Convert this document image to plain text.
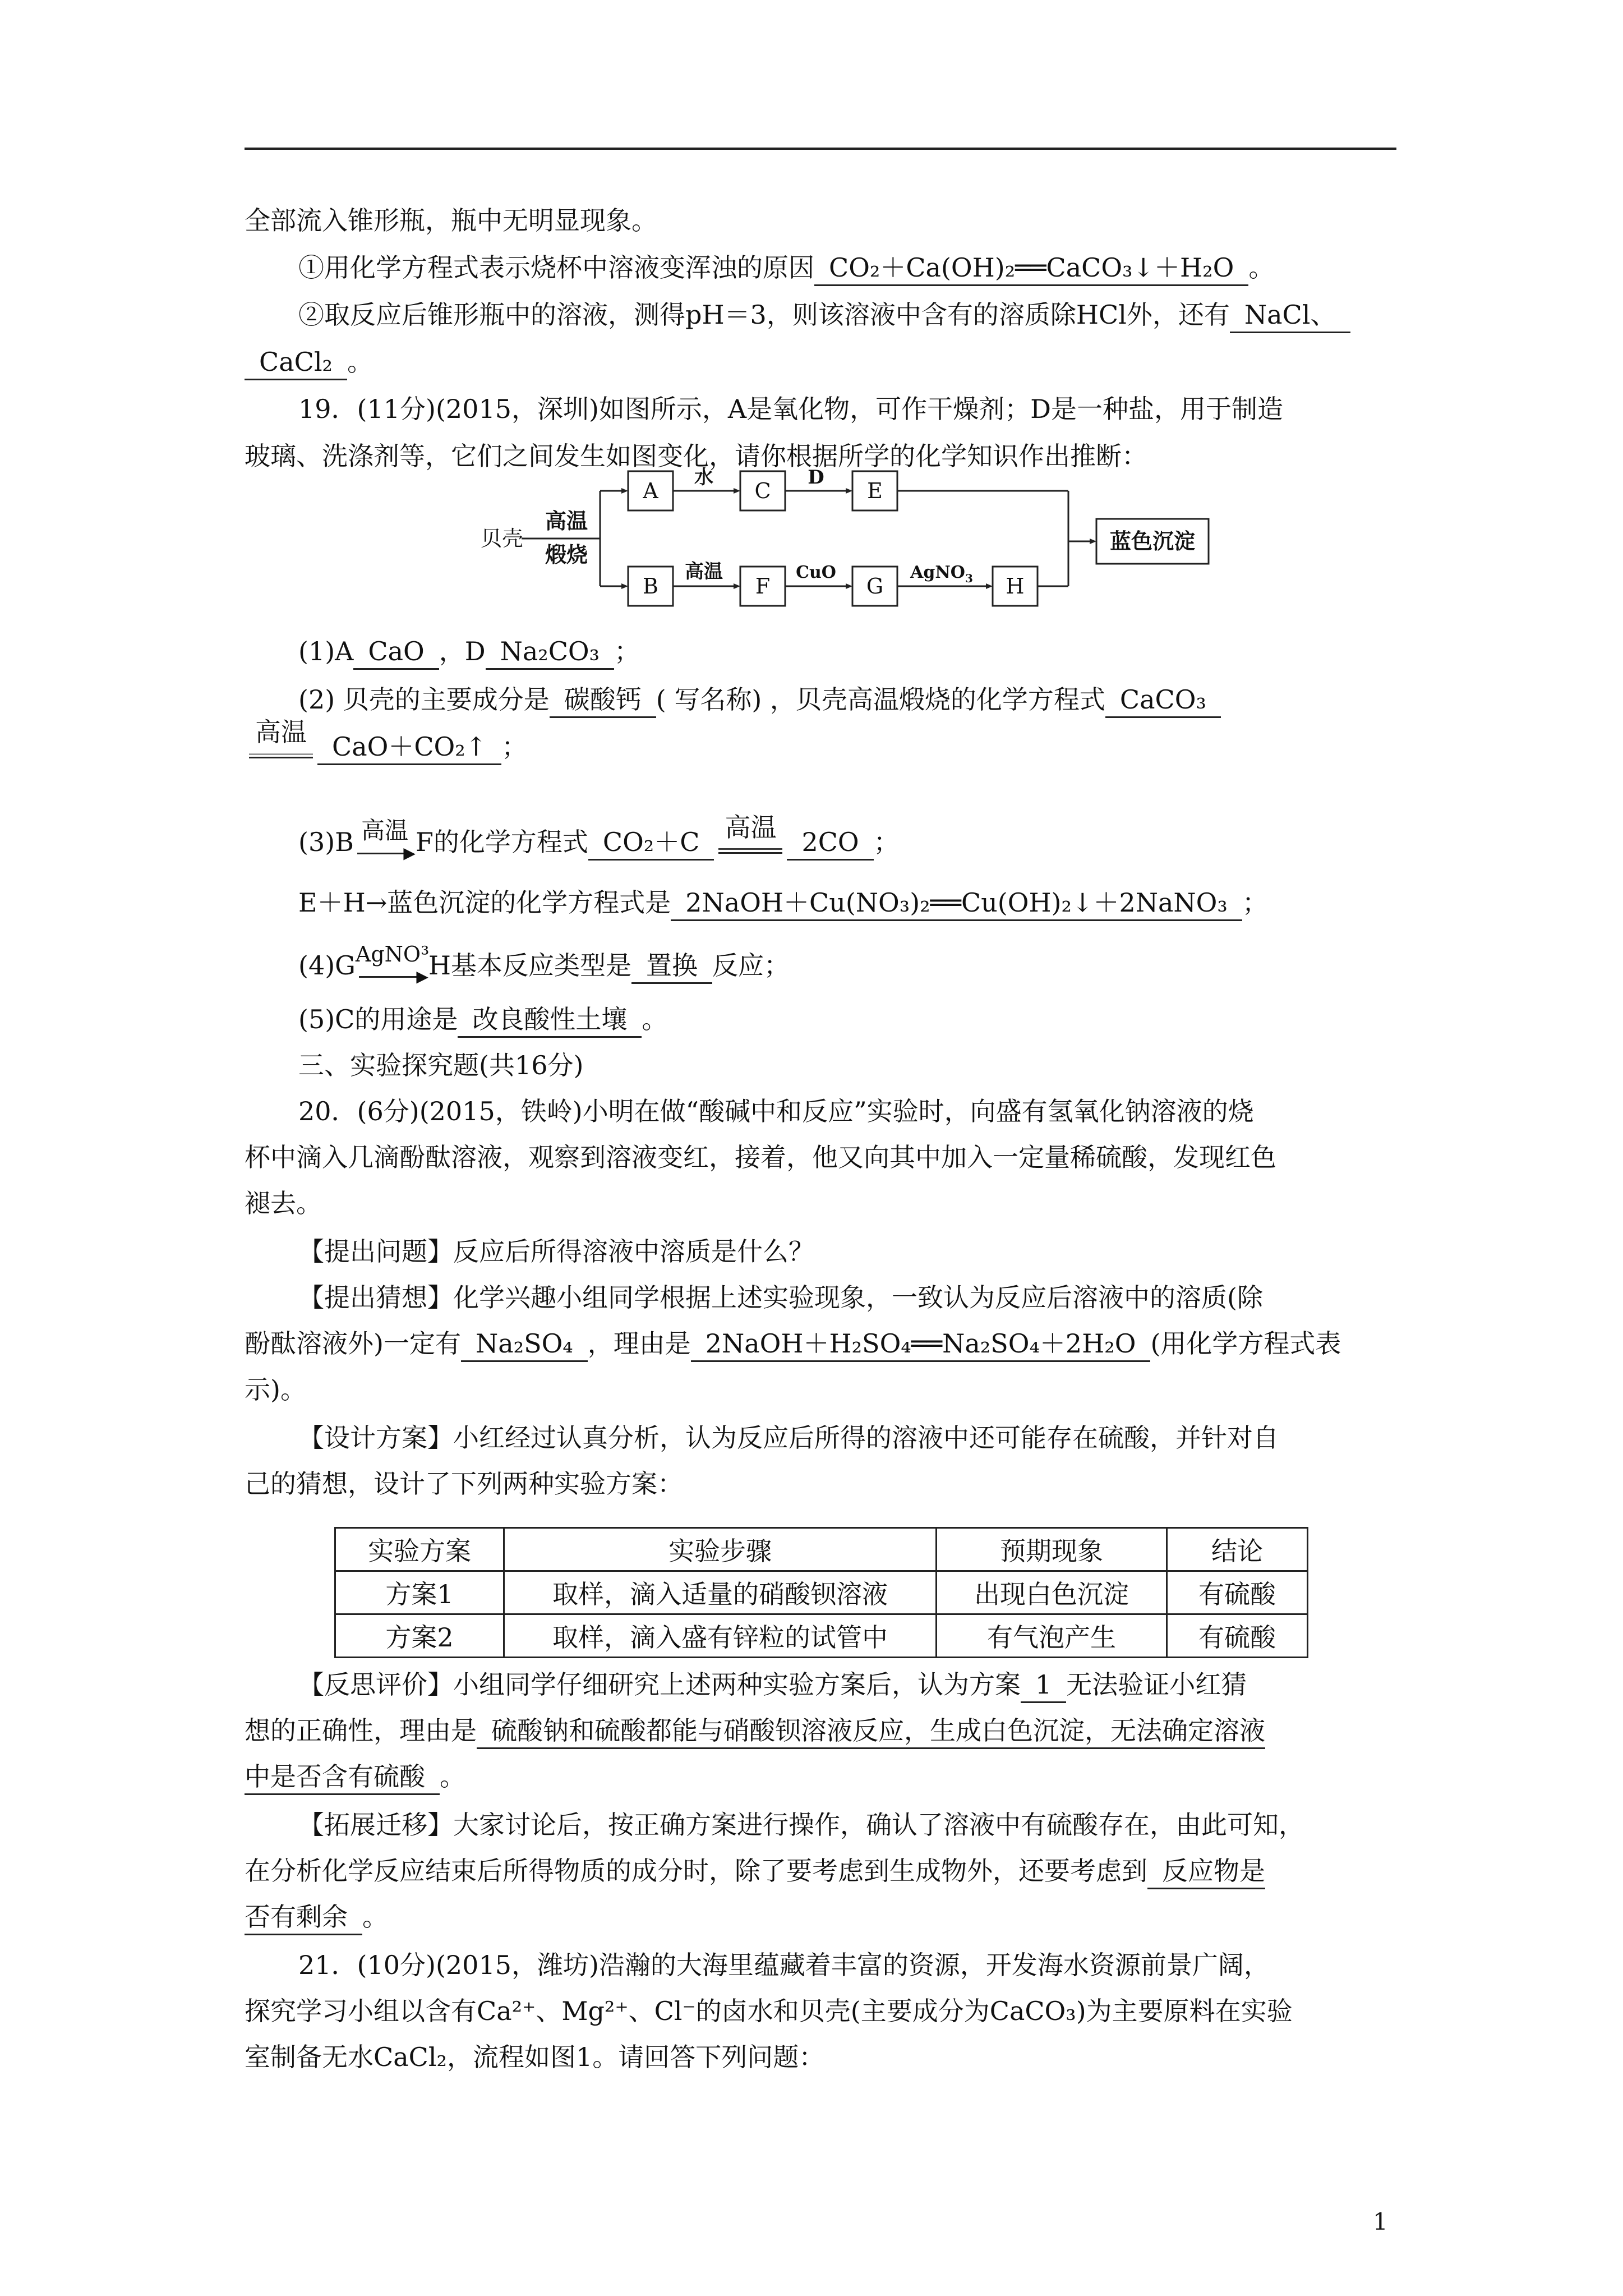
全部流入锥形瓶，瓶中无明显现象。
①用化学方程式表示烧杯中溶液变浑浊的原因 CO₂＋Ca(OH)₂══CaCO₃↓＋H₂O 。
②取反应后锥形瓶中的溶液，测得pH＝3，则该溶液中含有的溶质除HCl外，还有 NaCl、
CaCl₂ 。
19．(11分)(2015，深圳)如图所示，A是氧化物，可作干燥剂；D是一种盐，用于制造
玻璃、洗涤剂等，它们之间发生如图变化，请你根据所学的化学知识作出推断：
贝壳
高温
煅烧
A	C	E
B	F	G	H
蓝色沉淀
水	D
高温	CuO	AgNO 3
(1)A CaO ，D Na₂CO₃ ；
(2) 贝壳的主要成分是 碳酸钙 ( 写名称) ，贝壳高温煅烧的化学方程式 CaCO₃
高温 CaO＋CO₂↑ ；
(3)B 高温
▶ F的化学方程式 CO₂＋C 高温 2CO ；
E＋H→蓝色沉淀的化学方程式是 2NaOH＋Cu(NO₃)₂══Cu(OH)₂↓＋2NaNO₃ ；
(4)G AgNO³
▶ H基本反应类型是 置换 反应；
(5)C的用途是 改良酸性土壤 。
三、实验探究题(共16分)
20．(6分)(2015，铁岭)小明在做“酸碱中和反应”实验时，向盛有氢氧化钠溶液的烧
杯中滴入几滴酚酞溶液，观察到溶液变红，接着，他又向其中加入一定量稀硫酸，发现红色
褪去。
【提出问题】反应后所得溶液中溶质是什么？
【提出猜想】化学兴趣小组同学根据上述实验现象，一致认为反应后溶液中的溶质(除
酚酞溶液外)一定有 Na₂SO₄ ，理由是 2NaOH＋H₂SO₄══Na₂SO₄＋2H₂O (用化学方程式表
示)。
【设计方案】小红经过认真分析，认为反应后所得的溶液中还可能存在硫酸，并针对自
己的猜想，设计了下列两种实验方案：
实验方案	实验步骤	预期现象	结论
方案1	取样，滴入适量的硝酸钡溶液	出现白色沉淀	有硫酸
方案2	取样，滴入盛有锌粒的试管中	有气泡产生	有硫酸
【反思评价】小组同学仔细研究上述两种实验方案后，认为方案 1 无法验证小红猜
想的正确性，理由是 硫酸钠和硫酸都能与硝酸钡溶液反应，生成白色沉淀，无法确定溶液
中是否含有硫酸 。
【拓展迁移】大家讨论后，按正确方案进行操作，确认了溶液中有硫酸存在，由此可知，
在分析化学反应结束后所得物质的成分时，除了要考虑到生成物外，还要考虑到 反应物是
否有剩余 。
21．(10分)(2015，潍坊)浩瀚的大海里蕴藏着丰富的资源，开发海水资源前景广阔，
探究学习小组以含有Ca²⁺、Mg²⁺、Cl⁻的卤水和贝壳(主要成分为CaCO₃)为主要原料在实验
室制备无水CaCl₂，流程如图1。请回答下列问题：
1
